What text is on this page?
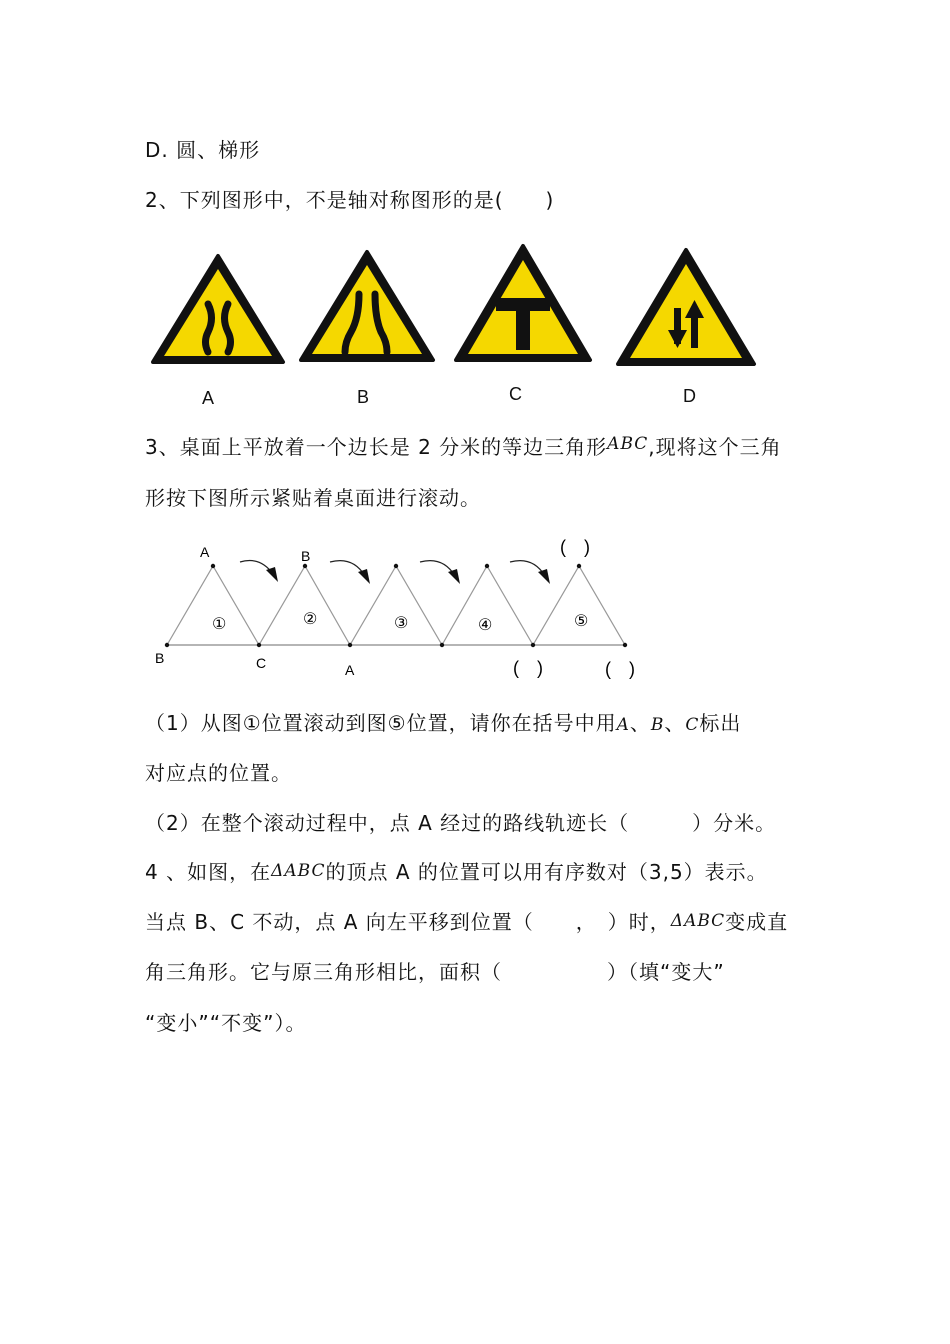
D. 圆、梯形
2、下列图形中，不是轴对称图形的是(　　)
A	B	C	D
3、桌面上平放着一个边长是 2 分米的等边三角形$^{ABC}$,现将这个三角
形按下图所示紧贴着桌面进行滚动。
A	B
B	C	A
①	②	③	④	⑤
(　)
(　)	(　)
（1）从图①位置滚动到图⑤位置，请你在括号中用A、B、C标出
对应点的位置。
（2）在整个滚动过程中，点 A 经过的路线轨迹长（　　　）分米。
4 、如图，在ΔABC的顶点 A 的位置可以用有序数对（3,5）表示。
当点 B、C 不动，点 A 向左平移到位置（　　，　）时，ΔABC变成直
角三角形。它与原三角形相比，面积（　　　　　）（填“变大”
“变小”“不变”）。
